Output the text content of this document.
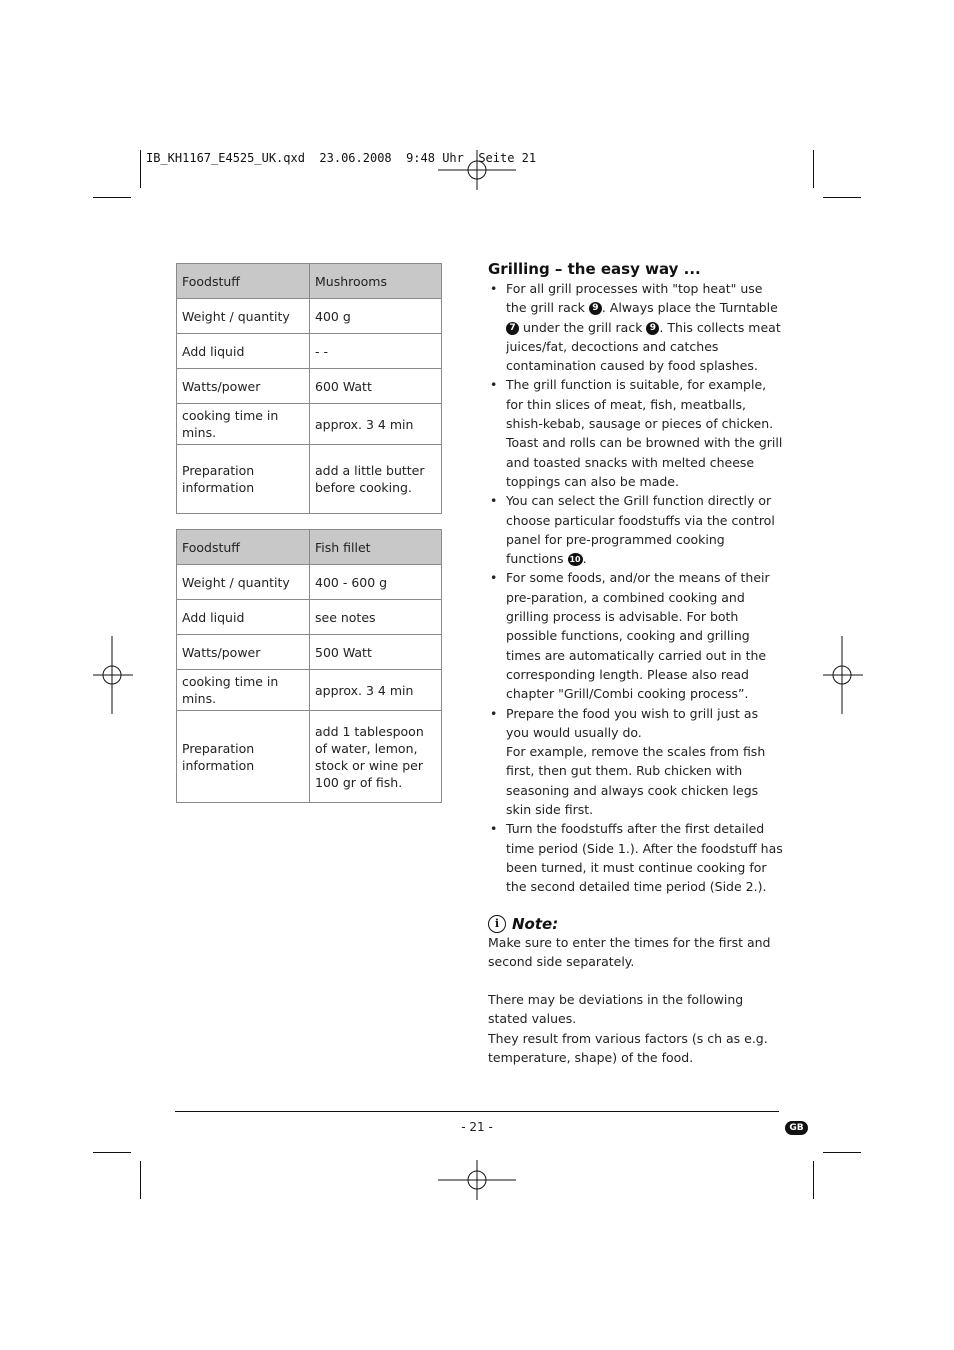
IB_KH1167_E4525_UK.qxd  23.06.2008  9:48 Uhr  Seite 21
Foodstuff	Mushrooms
Weight / quantity	400 g
Add liquid	- -
Watts/power	600 Watt
cooking time in mins.	approx. 3 4 min
Preparation information	add a little butter before cooking.
Foodstuff	Fish fillet
Weight / quantity	400 - 600 g
Add liquid	see notes
Watts/power	500 Watt
cooking time in mins.	approx. 3 4 min
Preparation information	add 1 tablespoon of water, lemon, stock or wine per 100 gr of fish.
Grilling – the easy way ...
• For all grill processes with "top heat" use the grill rack 9 . Always place the Turntable 7 under the grill rack 9 . This collects meat juices/fat, decoctions and catches contamination caused by food splashes.
• The grill function is suitable, for example, for thin slices of meat, fish, meatballs, shish-kebab, sausage or pieces of chicken. Toast and rolls can be browned with the grill and toasted snacks with melted cheese toppings can also be made.
• You can select the Grill function directly or choose particular foodstuffs via the control panel for pre-programmed cooking functions 10 .
• For some foods, and/or the means of their pre-paration, a combined cooking and grilling process is advisable. For both possible functions, cooking and grilling times are automatically carried out in the corresponding length. Please also read chapter "Grill/Combi cooking process”.
• Prepare the food you wish to grill just as you would usually do.
For example, remove the scales from fish first, then gut them. Rub chicken with seasoning and always cook chicken legs skin side first.
• Turn the foodstuffs after the first detailed time period (Side 1.). After the foodstuff has been turned, it must continue cooking for the second detailed time period (Side 2.).
i Note:

Make sure to enter the times for the first and second side separately.

There may be deviations in the following stated values.

They result from various factors (s ch as e.g. temperature, shape) of the food.

- 21 -	GB
